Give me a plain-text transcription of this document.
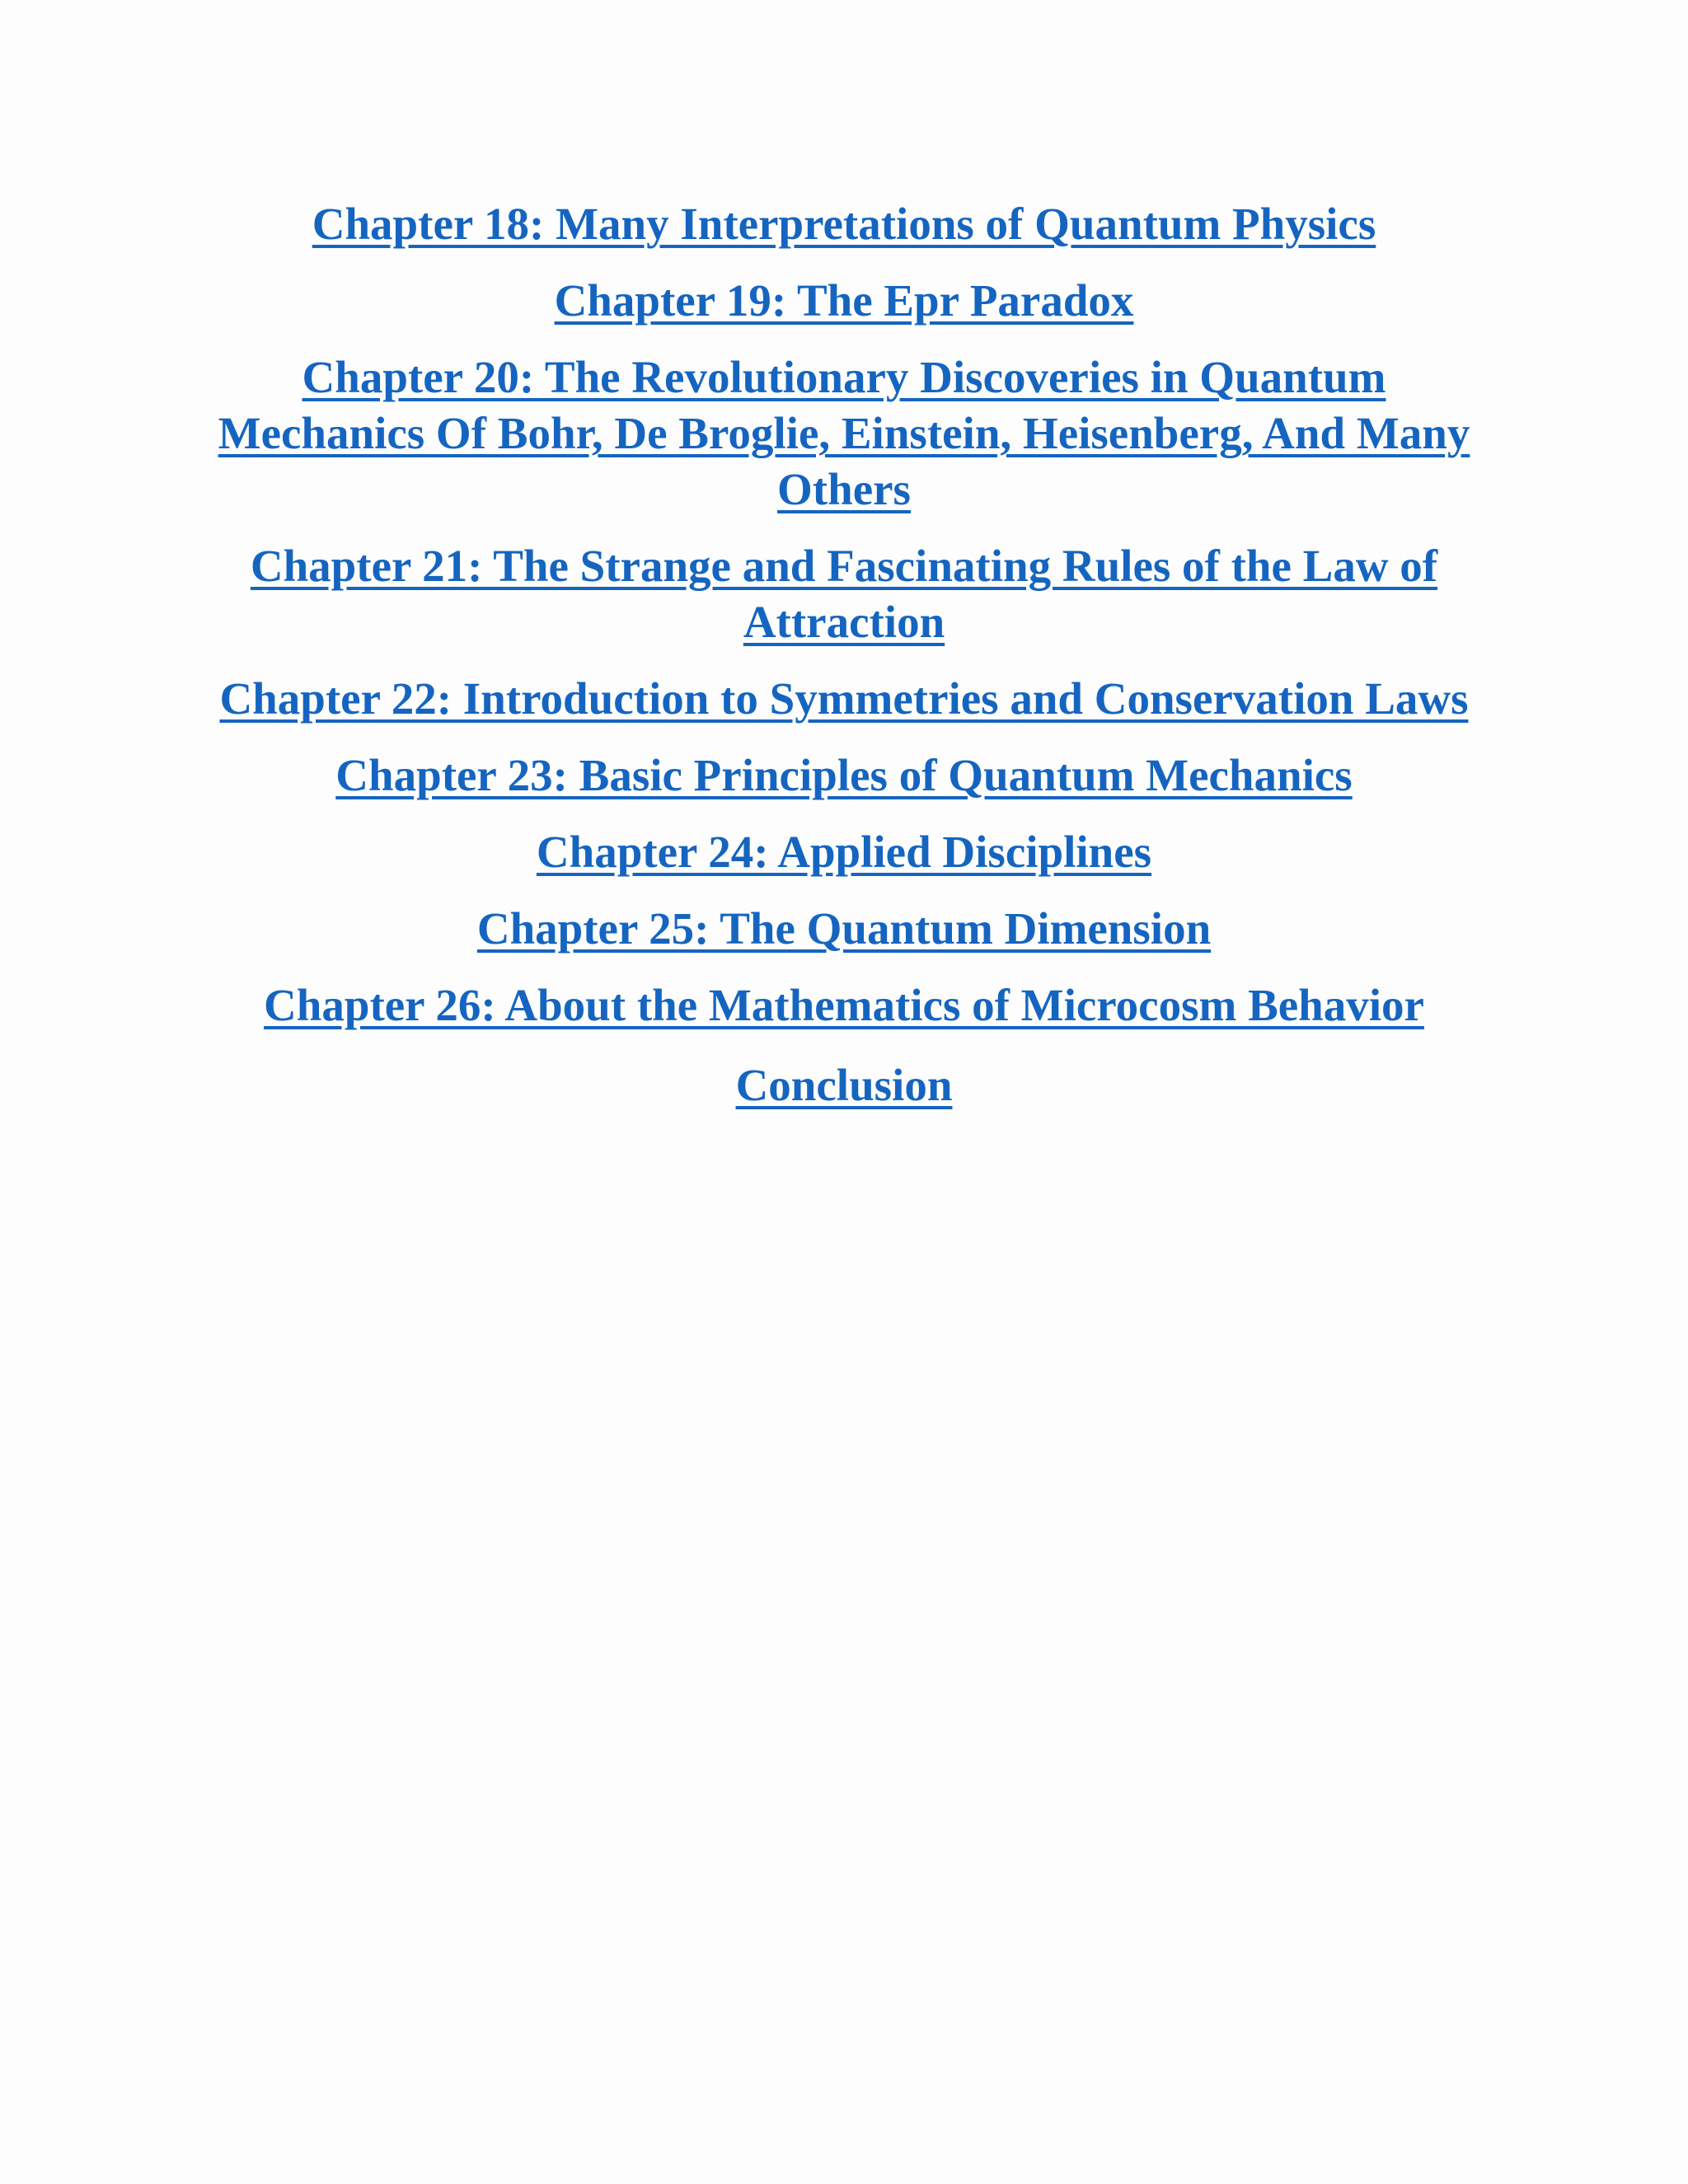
Chapter 18: Many Interpretations of Quantum Physics
Chapter 19: The Epr Paradox
Chapter 20: The Revolutionary Discoveries in Quantum Mechanics Of Bohr, De Broglie, Einstein, Heisenberg, And Many Others
Chapter 21: The Strange and Fascinating Rules of the Law of Attraction
Chapter 22: Introduction to Symmetries and Conservation Laws
Chapter 23: Basic Principles of Quantum Mechanics
Chapter 24: Applied Disciplines
Chapter 25: The Quantum Dimension
Chapter 26: About the Mathematics of Microcosm Behavior
Conclusion
